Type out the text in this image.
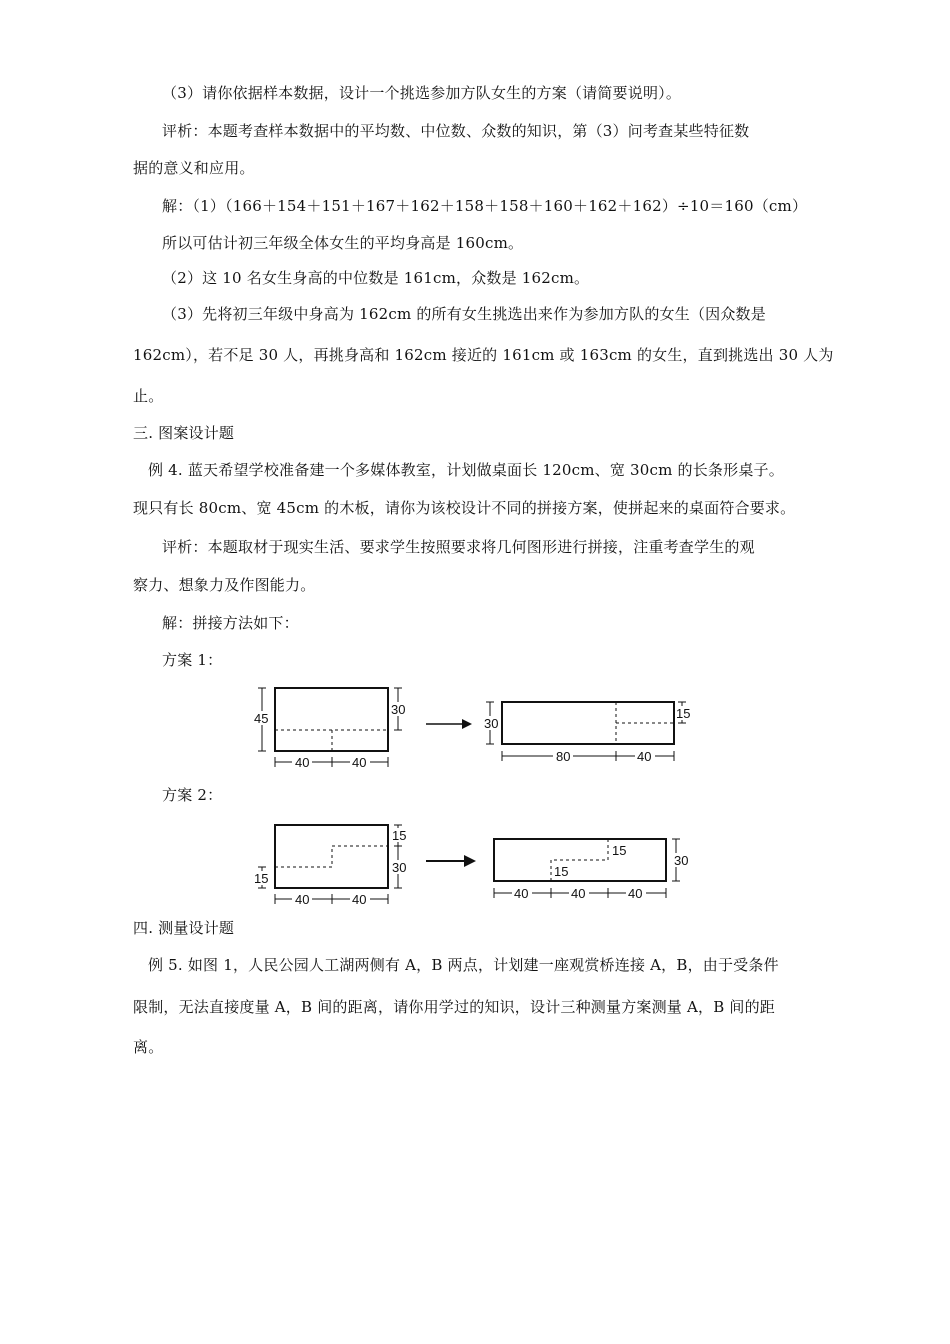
（3）请你依据样本数据，设计一个挑选参加方队女生的方案（请简要说明）。
评析：本题考查样本数据中的平均数、中位数、众数的知识，第（3）问考查某些特征数
据的意义和应用。
解：（1）（166＋154＋151＋167＋162＋158＋158＋160＋162＋162）÷10＝160（cm）
所以可估计初三年级全体女生的平均身高是 160cm。
（2）这 10 名女生身高的中位数是 161cm，众数是 162cm。
（3）先将初三年级中身高为 162cm 的所有女生挑选出来作为参加方队的女生（因众数是
162cm），若不足 30 人，再挑身高和 162cm 接近的 161cm 或 163cm 的女生，直到挑选出 30 人为
止。
三. 图案设计题
例 4. 蓝天希望学校准备建一个多媒体教室，计划做桌面长 120cm、宽 30cm 的长条形桌子。
现只有长 80cm、宽 45cm 的木板，请你为该校设计不同的拼接方案，使拼起来的桌面符合要求。
评析：本题取材于现实生活、要求学生按照要求将几何图形进行拼接，注重考查学生的观
察力、想象力及作图能力。
解：拼接方法如下：
方案 1：
45
30
40	40
30
15
80	40
方案 2：
15
30
15
40	40
15
15
30
40	40	40
四. 测量设计题
例 5. 如图 1，人民公园人工湖两侧有 A，B 两点，计划建一座观赏桥连接 A，B，由于受条件
限制，无法直接度量 A，B 间的距离，请你用学过的知识，设计三种测量方案测量 A，B 间的距
离。
